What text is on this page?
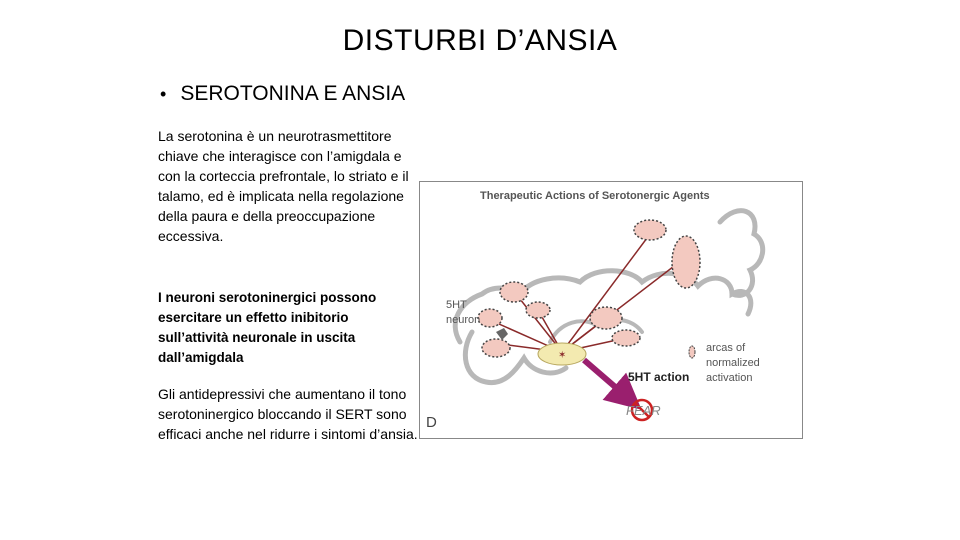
DISTURBI D’ANSIA
• SEROTONINA E ANSIA
La serotonina è un neurotrasmettitore chiave che interagisce con l’amigdala e con la corteccia prefrontale, lo striato e il talamo, ed è implicata nella regolazione della paura e della preoccupazione eccessiva.
I neuroni serotoninergici possono esercitare un effetto inibitorio sull’attività neuronale in uscita dall’amigdala
Gli antidepressivi che aumentano il tono serotoninergico bloccando il SERT sono efficaci anche nel ridurre i sintomi d’ansia.
✶
Therapeutic Actions of Serotonergic Agents
5HT
neuron
arcas of
normalized
activation
5HT action
FEAR
D
